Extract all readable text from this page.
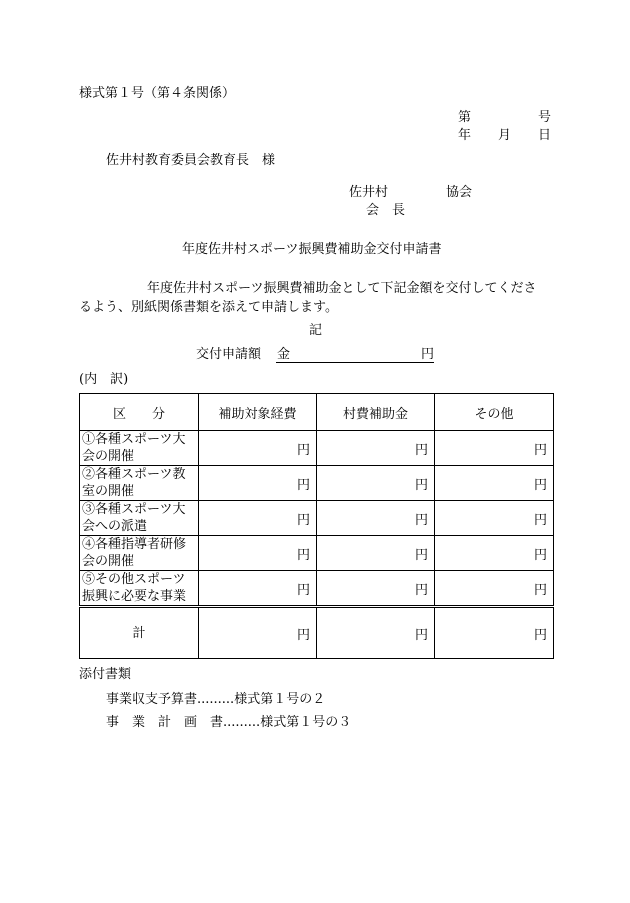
様式第１号（第４条関係）
第	号
年 月 日
佐井村教育委員会教育長　様
佐井村	協会
会　長
年度佐井村スポーツ振興費補助金交付申請書
年度佐井村スポーツ振興費補助金として下記金額を交付してくださ
るよう、別紙関係書類を添えて申請します。
記
交付申請額 金	円
(内　訳)
区　　分	補助対象経費	村費補助金	その他
①各種スポーツ大会の開催	円	円	円
②各種スポーツ教室の開催	円	円	円
③各種スポーツ大会への派遣	円	円	円
④各種指導者研修会の開催	円	円	円
⑤その他スポーツ振興に必要な事業	円	円	円
計	円	円	円
添付書類
事業収支予算書.........様式第１号の２
事　業　計　画　書.........様式第１号の３
